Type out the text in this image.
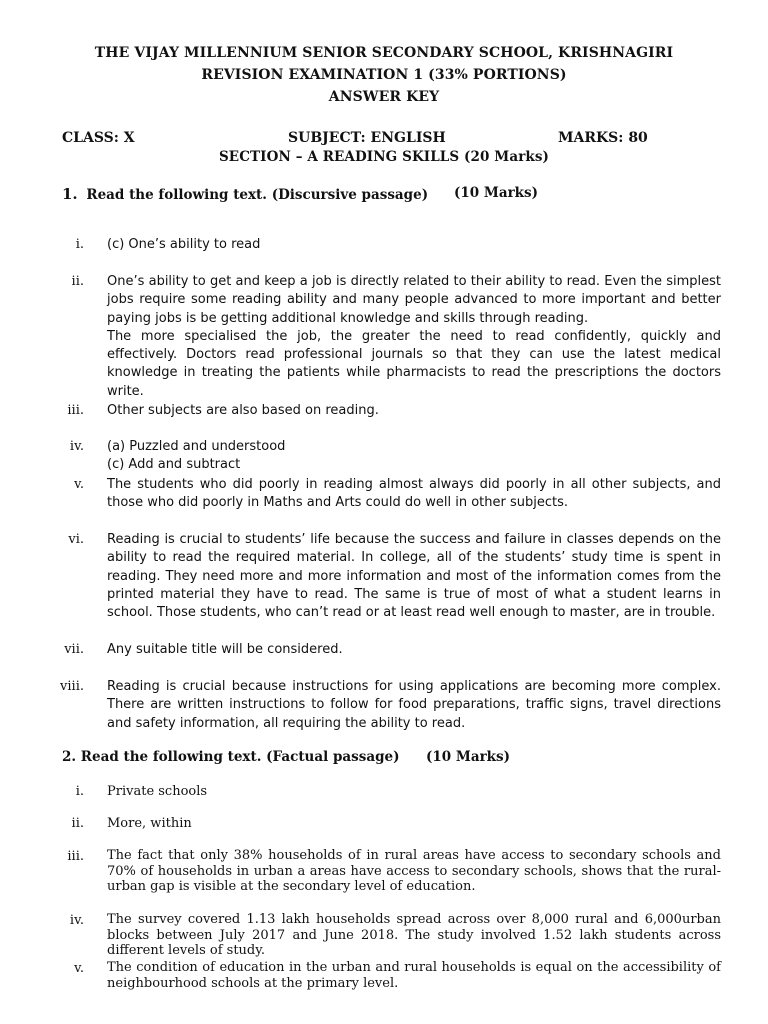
THE VIJAY MILLENNIUM SENIOR SECONDARY SCHOOL, KRISHNAGIRI
REVISION EXAMINATION 1 (33% PORTIONS)
ANSWER KEY
CLASS: X	SUBJECT: ENGLISH	MARKS: 80
SECTION – A READING SKILLS (20 Marks)
1. Read the following text. (Discursive passage) (10 Marks)
i. (c) One’s ability to read

ii. One’s ability to get and keep a job is directly related to their ability to read. Even the simplest jobs require some reading ability and many people advanced to more important and better paying jobs is be getting additional knowledge and skills through reading.

The more specialised the job, the greater the need to read confidently, quickly and effectively. Doctors read professional journals so that they can use the latest medical knowledge in treating the patients while pharmacists to read the prescriptions the doctors write.

iii. Other subjects are also based on reading.

iv. (a) Puzzled and understood

(c) Add and subtract

v. The students who did poorly in reading almost always did poorly in all other subjects, and those who did poorly in Maths and Arts could do well in other subjects.

vi. Reading is crucial to students’ life because the success and failure in classes depends on the ability to read the required material. In college, all of the students’ study time is spent in reading. They need more and more information and most of the information comes from the printed material they have to read. The same is true of most of what a student learns in school. Those students, who can’t read or at least read well enough to master, are in trouble.

vii. Any suitable title will be considered.

viii. Reading is crucial because instructions for using applications are becoming more complex. There are written instructions to follow for food preparations, traffic signs, travel directions and safety information, all requiring the ability to read.

2. Read the following text. (Factual passage) (10 Marks)
i. Private schools

ii. More, within

iii. The fact that only 38% households of in rural areas have access to secondary schools and 70% of households in urban a areas have access to secondary schools, shows that the rural-urban gap is visible at the secondary level of education.

iv. The survey covered 1.13 lakh households spread across over 8,000 rural and 6,000urban blocks between July 2017 and June 2018. The study involved 1.52 lakh students across different levels of study.

v. The condition of education in the urban and rural households is equal on the accessibility of neighbourhood schools at the primary level.
